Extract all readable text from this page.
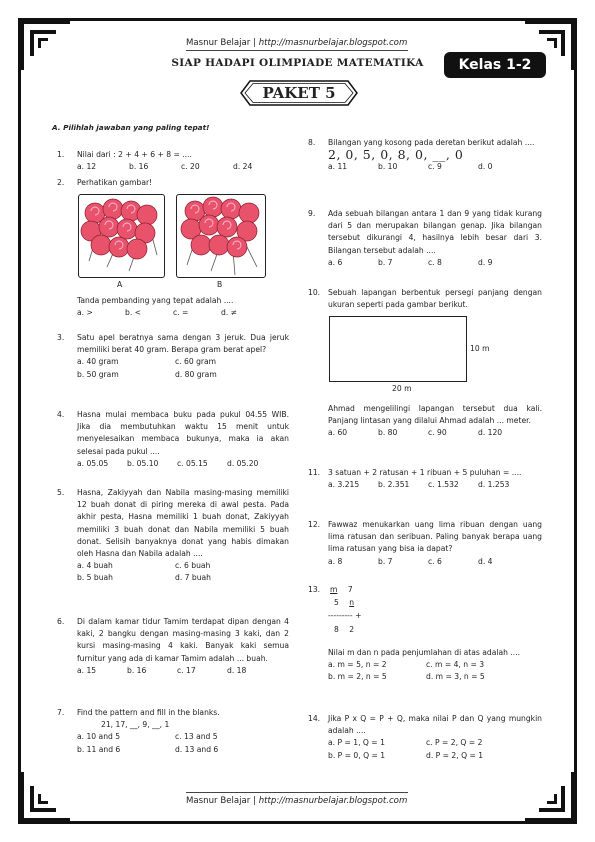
Masnur Belajar | http://masnurbelajar.blogspot.com
SIAP HADAPI OLIMPIADE MATEMATIKA	Kelas 1-2
PAKET 5
A. Pilihlah jawaban yang paling tepat!
1. Nilai dari : 2 + 4 + 6 + 8 = ....
a. 12	b. 16	c. 20	d. 24
2. Perhatikan gambar!
A	B
Tanda pembanding yang tepat adalah ....
a. >	b. <	c. =	d. ≠
3. Satu apel beratnya sama dengan 3 jeruk. Dua jeruk memiliki berat 40 gram. Berapa gram berat apel?
a. 40 gram	c. 60 gram
b. 50 gram	d. 80 gram
4. Hasna mulai membaca buku pada pukul 04.55 WIB. Jika dia membutuhkan waktu 15 menit untuk menyelesaikan membaca bukunya, maka ia akan selesai pada pukul ....
a. 05.05	b. 05.10	c. 05.15	d. 05.20
5. Hasna, Zakiyyah dan Nabila masing-masing memiliki 12 buah donat di piring mereka di awal pesta. Pada akhir pesta, Hasna memiliki 1 buah donat, Zakiyyah memiliki 3 buah donat dan Nabila memiliki 5 buah donat. Selisih banyaknya donat yang habis dimakan oleh Hasna dan Nabila adalah ....
a. 4 buah	c. 6 buah
b. 5 buah	d. 7 buah
6. Di dalam kamar tidur Tamim terdapat dipan dengan 4 kaki, 2 bangku dengan masing-masing 3 kaki, dan 2 kursi masing-masing 4 kaki. Banyak kaki semua furnitur yang ada di kamar Tamim adalah ... buah.
a. 15	b. 16	c. 17	d. 18
7. Find the pattern and fill in the blanks.
21, 17, __, 9, __, 1
a. 10 and 5	c. 13 and 5
b. 11 and 6	d. 13 and 6
8. Bilangan yang kosong pada deretan berikut adalah ....
2, 0, 5, 0, 8, 0, __, 0
a. 11	b. 10	c. 9	d. 0
9. Ada sebuah bilangan antara 1 dan 9 yang tidak kurang dari 5 dan merupakan bilangan genap. Jika bilangan tersebut dikurangi 4, hasilnya lebih besar dari 3. Bilangan tersebut adalah ....
a. 6	b. 7	c. 8	d. 9
10. Sebuah lapangan berbentuk persegi panjang dengan ukuran seperti pada gambar berikut.
10 m
20 m
Ahmad mengelilingi lapangan tersebut dua kali. Panjang lintasan yang dilalui Ahmad adalah ... meter.
a. 60	b. 80	c. 90	d. 120
11. 3 satuan + 2 ratusan + 1 ribuan + 5 puluhan = ....
a. 3.215	b. 2.351	c. 1.532	d. 1.253
12. Fawwaz menukarkan uang lima ribuan dengan uang lima ratusan dan seribuan. Paling banyak berapa uang lima ratusan yang bisa ia dapat?
a. 8	b. 7	c. 6	d. 4
13. m 7
5 n
--------- +
8 2
Nilai m dan n pada penjumlahan di atas adalah ....
a. m = 5, n = 2	c. m = 4, n = 3
b. m = 2, n = 5	d. m = 3, n = 5
14. Jika P x Q = P + Q, maka nilai P dan Q yang mungkin adalah ....
a. P = 1, Q = 1	c. P = 2, Q = 2
b. P = 0, Q = 1	d. P = 2, Q = 1
Masnur Belajar | http://masnurbelajar.blogspot.com
